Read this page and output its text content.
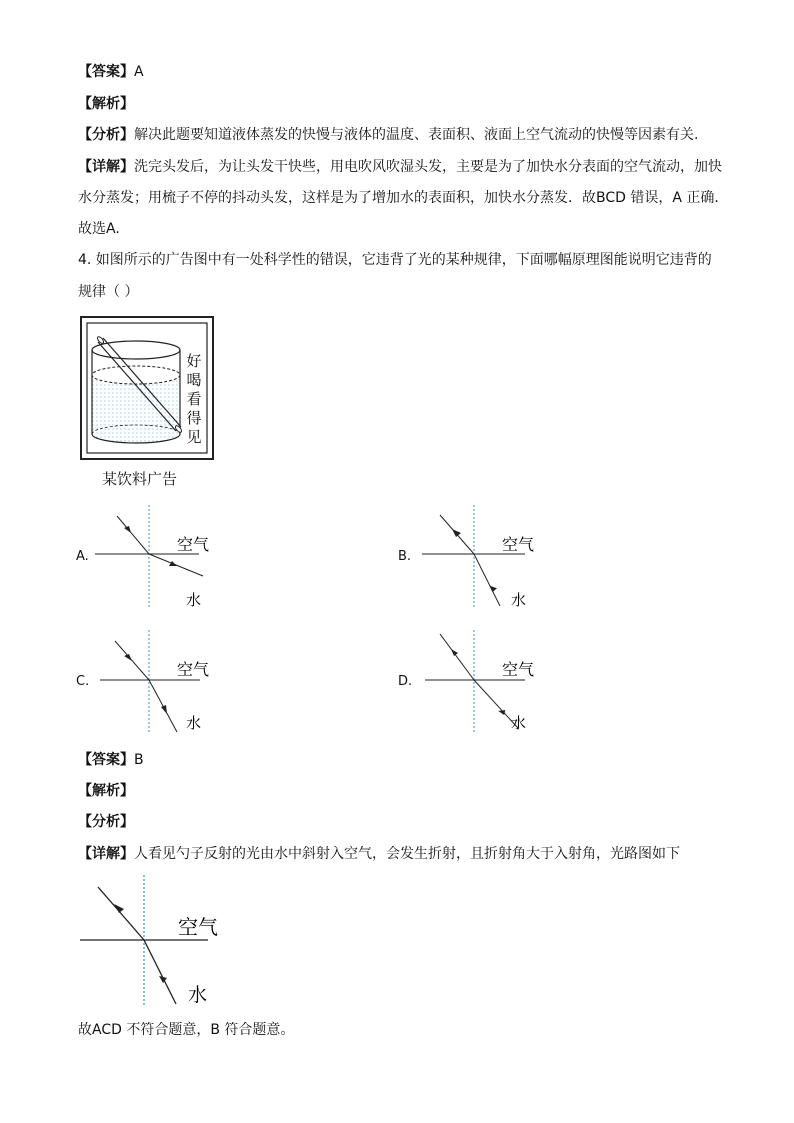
【答案】A
【解析】
【分析】解决此题要知道液体蒸发的快慢与液体的温度、表面积、液面上空气流动的快慢等因素有关.
【详解】洗完头发后，为让头发干快些，用电吹风吹湿头发，主要是为了加快水分表面的空气流动，加快
水分蒸发；用梳子不停的抖动头发，这样是为了增加水的表面积，加快水分蒸发．故BCD 错误，A 正确．
故选A.
4. 如图所示的广告图中有一处科学性的错误，它违背了光的某种规律，下面哪幅原理图能说明它违背的
规律（ ）
好
喝
看
得
见
某饮料广告
A.
空气
水
B.
空气
水
C.
空气
水
D.
空气
水
【答案】B
【解析】
【分析】
【详解】人看见勺子反射的光由水中斜射入空气，会发生折射，且折射角大于入射角，光路图如下
空气
水
故ACD 不符合题意，B 符合题意。
